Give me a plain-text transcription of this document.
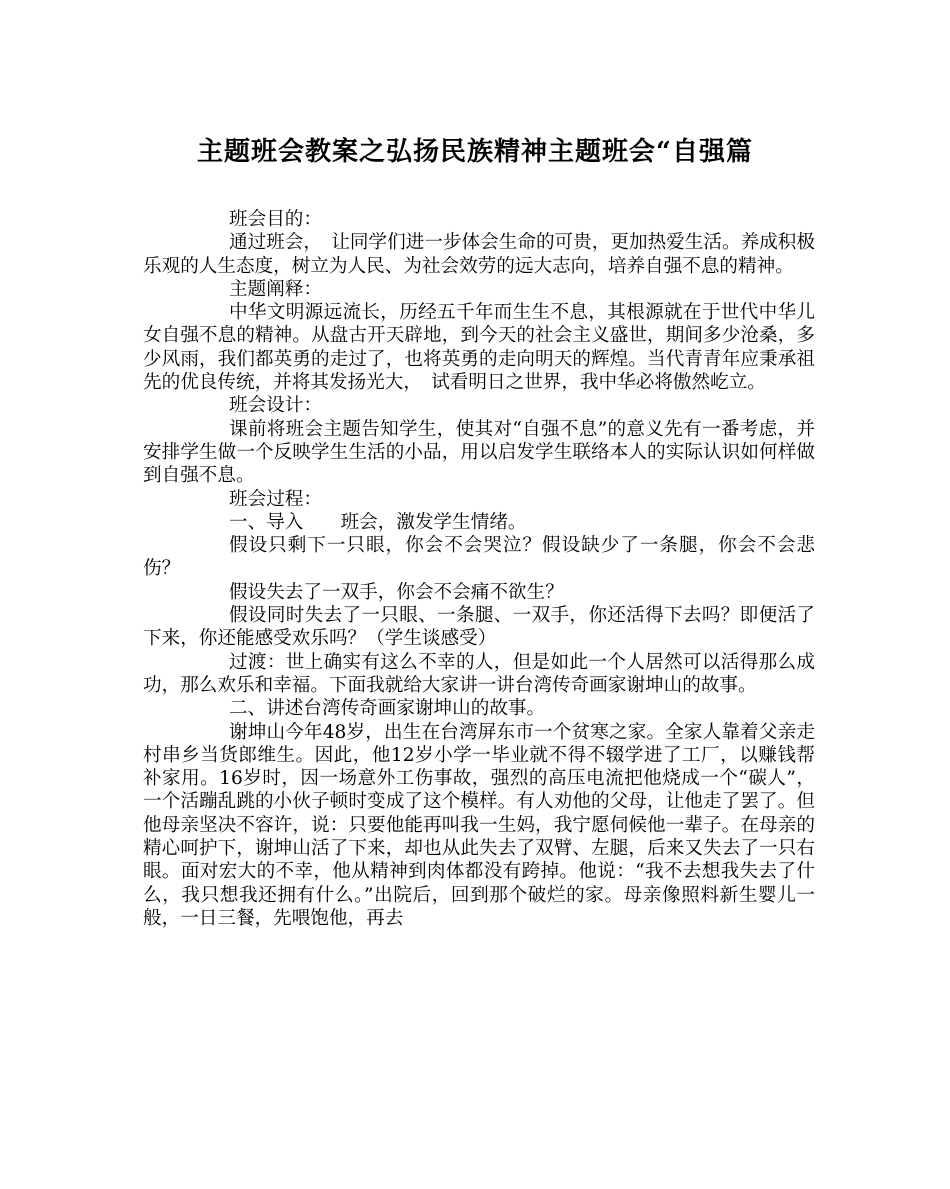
主题班会教案之弘扬民族精神主题班会“自强篇

班会目的：

通过班会，　让同学们进一步体会生命的可贵，更加热爱生活。养成积极乐观的人生态度，树立为人民、为社会效劳的远大志向，培养自强不息的精神。

主题阐释：

中华文明源远流长，历经五千年而生生不息，其根源就在于世代中华儿女自强不息的精神。从盘古开天辟地，到今天的社会主义盛世，期间多少沧桑，多少风雨，我们都英勇的走过了，也将英勇的走向明天的辉煌。当代青青年应秉承祖先的优良传统，并将其发扬光大，　试看明日之世界，我中华必将傲然屹立。

班会设计：

课前将班会主题告知学生，使其对“自强不息”的意义先有一番考虑，并安排学生做一个反映学生生活的小品，用以启发学生联络本人的实际认识如何样做到自强不息。

班会过程：

一、导入　　班会，激发学生情绪。

假设只剩下一只眼，你会不会哭泣？假设缺少了一条腿，你会不会悲伤？

假设失去了一双手，你会不会痛不欲生？

假设同时失去了一只眼、一条腿、一双手，你还活得下去吗？即便活了下来，你还能感受欢乐吗？（学生谈感受）

过渡：世上确实有这么不幸的人，但是如此一个人居然可以活得那么成功，那么欢乐和幸福。下面我就给大家讲一讲台湾传奇画家谢坤山的故事。

二、讲述台湾传奇画家谢坤山的故事。

谢坤山今年48岁，出生在台湾屏东市一个贫寒之家。全家人靠着父亲走村串乡当货郎维生。因此，他12岁小学一毕业就不得不辍学进了工厂，以赚钱帮补家用。16岁时，因一场意外工伤事故，强烈的高压电流把他烧成一个“碳人”，一个活蹦乱跳的小伙子顿时变成了这个模样。有人劝他的父母，让他走了罢了。但他母亲坚决不容许，说：只要他能再叫我一生妈，我宁愿伺候他一辈子。在母亲的精心呵护下，谢坤山活了下来，却也从此失去了双臂、左腿，后来又失去了一只右眼。面对宏大的不幸，他从精神到肉体都没有跨掉。他说：“我不去想我失去了什么，我只想我还拥有什么。”出院后，回到那个破烂的家。母亲像照料新生婴儿一般，一日三餐，先喂饱他，再去
